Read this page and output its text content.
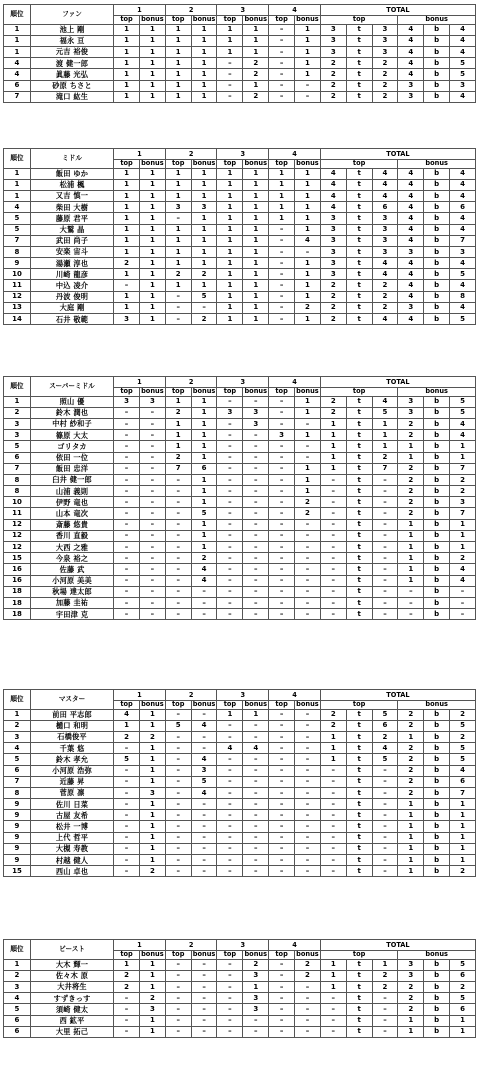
順位	ファン	1		2		3		4		TOTAL					
		top	bonus	top	bonus	top	bonus	top	bonus	top			bonus		
1	池上 剛	1	1	1	1	1	1	–	1	3	t	3	4	b	4
1	福永 亘	1	1	1	1	1	1	–	1	3	t	3	4	b	4
1	元吉 裕俊	1	1	1	1	1	1	–	1	3	t	3	4	b	4
4	渡 健一郎	1	1	1	1	–	2	–	1	2	t	2	4	b	5
4	眞藤 光弘	1	1	1	1	–	2	–	1	2	t	2	4	b	5
6	砂原 ちさと	1	1	1	1	–	1	–	–	2	t	2	3	b	3
7	滝口 紘生	1	1	1	1	–	2	–	–	2	t	2	3	b	4
順位	ミドル	1		2		3		4		TOTAL					
		top	bonus	top	bonus	top	bonus	top	bonus	top			bonus		
1	飯田 ゆか	1	1	1	1	1	1	1	1	4	t	4	4	b	4
1	松浦 楓	1	1	1	1	1	1	1	1	4	t	4	4	b	4
1	又吉 慎一	1	1	1	1	1	1	1	1	4	t	4	4	b	4
4	柴田 大樹	1	1	3	3	1	1	1	1	4	t	6	4	b	6
5	藤原 君平	1	1	–	1	1	1	1	1	3	t	3	4	b	4
5	大鷲 晶	1	1	1	1	1	1	–	1	3	t	3	4	b	4
7	武田 尚子	1	1	1	1	1	1	–	4	3	t	3	4	b	7
8	安楽 宙斗	1	1	1	1	1	1	–	–	3	t	3	3	b	3
9	湯瀬 淳也	2	1	1	1	1	1	–	1	3	t	4	4	b	4
10	川崎 龍彦	1	1	2	2	1	1	–	1	3	t	4	4	b	5
11	中込 凌介	–	1	1	1	1	1	–	1	2	t	2	4	b	4
12	丹波 俊明	1	1	–	5	1	1	–	1	2	t	2	4	b	8
13	大庭 剛	1	1	–	–	1	1	–	2	2	t	2	3	b	4
14	石井 敬範	3	1	–	2	1	1	–	1	2	t	4	4	b	5
順位	スーパーミドル	1		2		3		4		TOTAL					
		top	bonus	top	bonus	top	bonus	top	bonus	top			bonus		
1	照山 優	3	3	1	1	–	–	–	1	2	t	4	3	b	5
2	鈴木 潤也	–	–	2	1	3	3	–	1	2	t	5	3	b	5
3	中村 紗和子	–	–	1	1	–	3	–	–	1	t	1	2	b	4
3	篠原 大太	–	–	1	1	–	–	3	1	1	t	1	2	b	4
5	ゴリタカ	–	–	1	1	–	–	–	–	1	t	1	1	b	1
6	依田 一位	–	–	2	1	–	–	–	–	1	t	2	1	b	1
7	飯田 忠洋	–	–	7	6	–	–	–	1	1	t	7	2	b	7
8	臼井 健一郎	–	–	–	1	–	–	–	1	–	t	–	2	b	2
8	山浦 義則	–	–	–	1	–	–	–	1	–	t	–	2	b	2
10	伊野 竜也	–	–	–	1	–	–	–	2	–	t	–	2	b	3
11	山本 竜次	–	–	–	5	–	–	–	2	–	t	–	2	b	7
12	斎藤 悠貴	–	–	–	1	–	–	–	–	–	t	–	1	b	1
12	香川 直毅	–	–	–	1	–	–	–	–	–	t	–	1	b	1
12	大西 之雅	–	–	–	1	–	–	–	–	–	t	–	1	b	1
15	今泉 裕之	–	–	–	2	–	–	–	–	–	t	–	1	b	2
16	佐藤 武	–	–	–	4	–	–	–	–	–	t	–	1	b	4
16	小河原 美美	–	–	–	4	–	–	–	–	–	t	–	1	b	4
18	秋場 達太郎	–	–	–	–	–	–	–	–	–	t	–	–	b	–
18	加藤 圭祐	–	–	–	–	–	–	–	–	–	t	–	–	b	–
18	宇田津 克	–	–	–	–	–	–	–	–	–	t	–	–	b	–
順位	マスター	1		2		3		4		TOTAL					
		top	bonus	top	bonus	top	bonus	top	bonus	top			bonus		
1	前田 平志郎	4	1	–	–	1	1	–	–	2	t	5	2	b	2
2	樋口 和明	1	1	5	4	–	–	–	–	2	t	6	2	b	5
3	石橋俊平	2	2	–	–	–	–	–	–	1	t	2	1	b	2
4	千葉 悠	–	1	–	–	4	4	–	–	1	t	4	2	b	5
5	鈴木 孝允	5	1	–	4	–	–	–	–	1	t	5	2	b	5
6	小河原 浩弥	–	1	–	3	–	–	–	–	–	t	–	2	b	4
7	近藤 昇	–	1	–	5	–	–	–	–	–	t	–	2	b	6
8	菅原 凛	–	3	–	4	–	–	–	–	–	t	–	2	b	7
9	佐川 日菜	–	1	–	–	–	–	–	–	–	t	–	1	b	1
9	古屋 友希	–	1	–	–	–	–	–	–	–	t	–	1	b	1
9	松井 一博	–	1	–	–	–	–	–	–	–	t	–	1	b	1
9	上代 哲平	–	1	–	–	–	–	–	–	–	t	–	1	b	1
9	大槻 寿教	–	1	–	–	–	–	–	–	–	t	–	1	b	1
9	村越 健人	–	1	–	–	–	–	–	–	–	t	–	1	b	1
15	西山 卓也	–	2	–	–	–	–	–	–	–	t	–	1	b	2
順位	ビースト	1		2		3		4		TOTAL					
		top	bonus	top	bonus	top	bonus	top	bonus	top			bonus		
1	大木 輝一	1	1	–	–	–	2	–	2	1	t	1	3	b	5
2	佐々木 原	2	1	–	–	–	3	–	2	1	t	2	3	b	6
3	大井将生	2	1	–	–	–	1	–	–	1	t	2	2	b	2
4	すずきっす	–	2	–	–	–	3	–	–	–	t	–	2	b	5
5	須崎 健太	–	3	–	–	–	3	–	–	–	t	–	2	b	6
6	西 鉱平	–	1	–	–	–	–	–	–	–	t	–	1	b	1
6	大里 拓己	–	1	–	–	–	–	–	–	–	t	–	1	b	1
